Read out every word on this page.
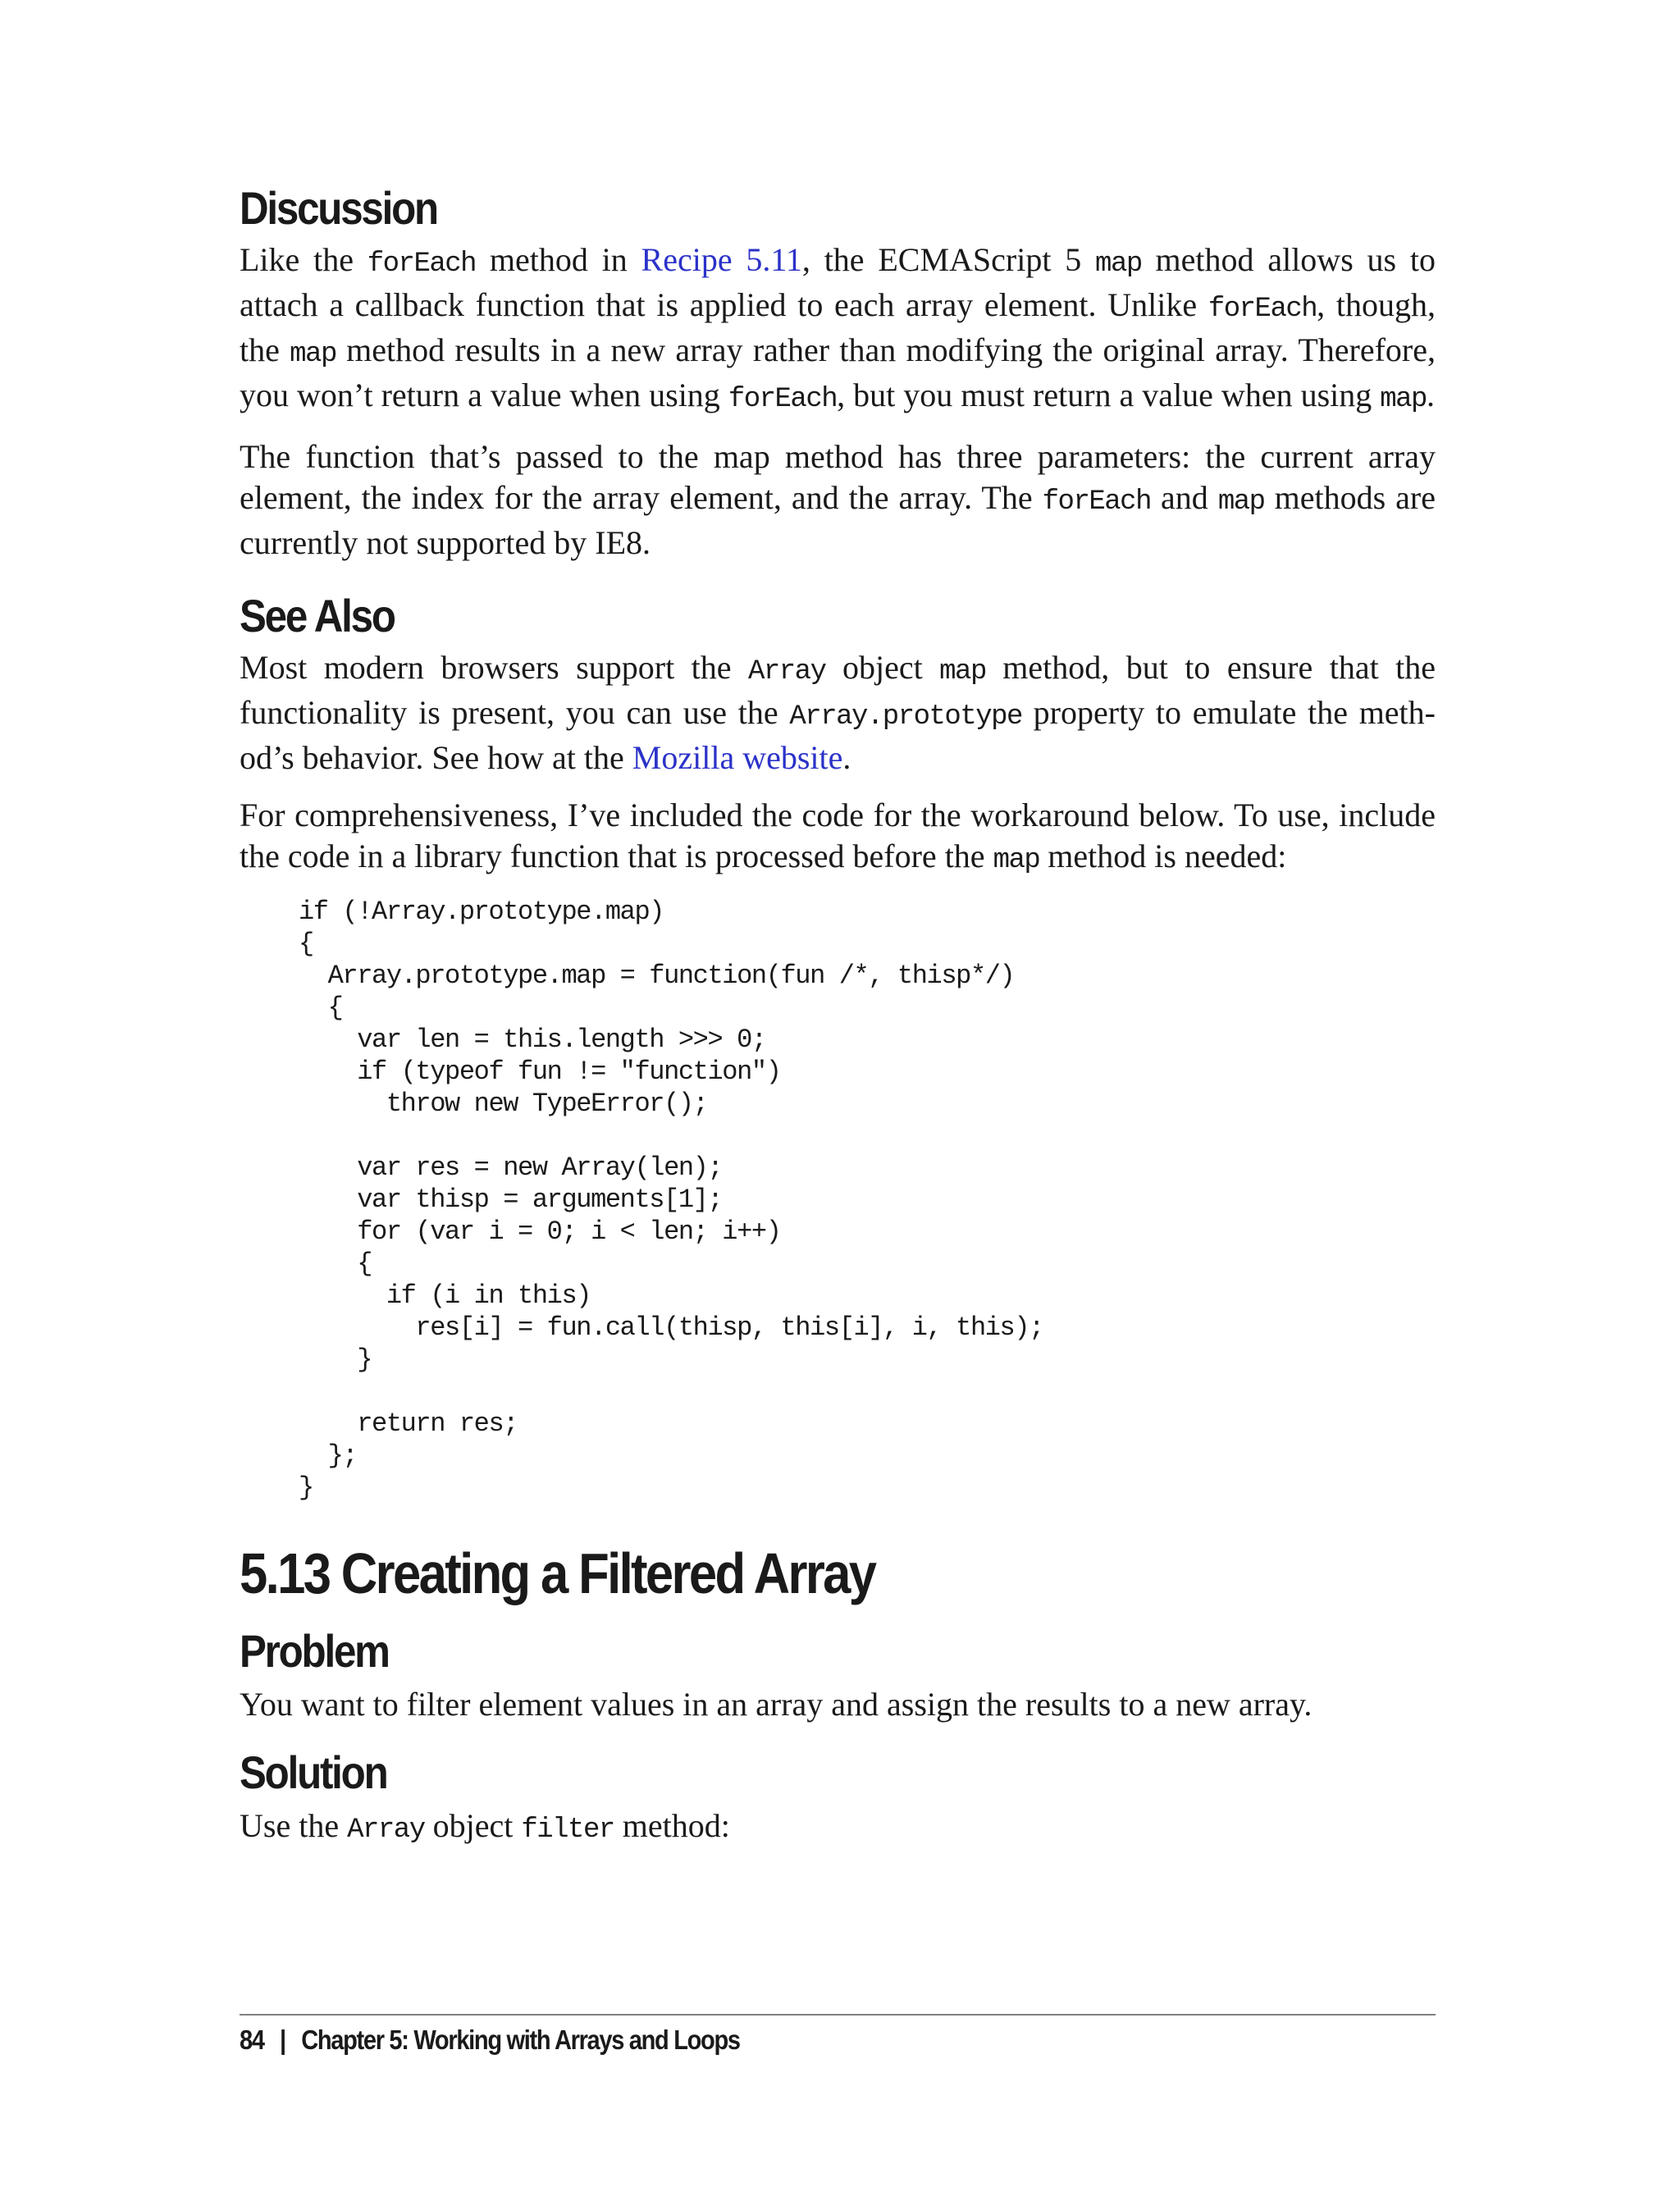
Discussion

Like the forEach method in Recipe 5.11, the ECMAScript 5 map method allows us to attach a callback function that is applied to each array element. Unlike forEach, though, the map method results in a new array rather than modifying the original array. Therefore, you won’t return a value when using forEach, but you must return a value when using map.

The function that’s passed to the map method has three parameters: the current array element, the index for the array element, and the array. The forEach and map methods are currently not supported by IE8.

See Also

Most modern browsers support the Array object map method, but to ensure that the functionality is present, you can use the Array.prototype property to emulate the method’s behavior. See how at the Mozilla website.

For comprehensiveness, I’ve included the code for the workaround below. To use, include the code in a library function that is processed before the map method is needed:

if (!Array.prototype.map)
{
Array.prototype.map = function(fun /*, thisp*/)
{
var len = this.length >>> 0;
if (typeof fun != "function")
throw new TypeError();

var res = new Array(len);
var thisp = arguments[1];
for (var i = 0; i < len; i++)
{
if (i in this)
res[i] = fun.call(thisp, this[i], i, this);
}

return res;
};
}
5.13 Creating a Filtered Array
Problem

You want to filter element values in an array and assign the results to a new array.

Solution

Use the Array object filter method:

84 | Chapter 5: Working with Arrays and Loops
